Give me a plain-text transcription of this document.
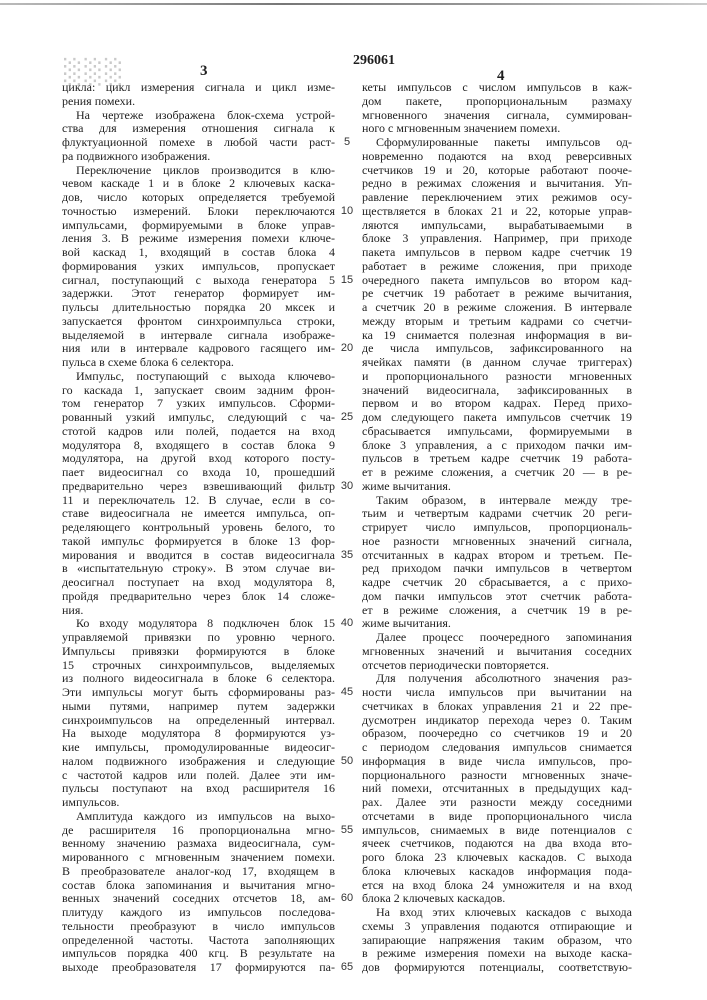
░░░	3
296061
4
цикла: цикл измерения сигнала и цикл изме-
рения помехи.
На чертеже изображена блок-схема устрой-
ства для измерения отношения сигнала к
флуктуационной помехе в любой части раст-
ра подвижного изображения.
Переключение циклов производится в клю-
чевом каскаде 1 и в блоке 2 ключевых каска-
дов, число которых определяется требуемой
точностью измерений. Блоки переключаются
импульсами, формируемыми в блоке управ-
ления 3. В режиме измерения помехи ключе-
вой каскад 1, входящий в состав блока 4
формирования узких импульсов, пропускает
сигнал, поступающий с выхода генератора 5
задержки. Этот генератор формирует им-
пульсы длительностью порядка 20 мксек и
запускается фронтом синхроимпульса строки,
выделяемой в интервале сигнала изображе-
ния или в интервале кадрового гасящего им-
пульса в схеме блока 6 селектора.
Импульс, поступающий с выхода ключево-
го каскада 1, запускает своим задним фрон-
том генератор 7 узких импульсов. Сформи-
рованный узкий импульс, следующий с ча-
стотой кадров или полей, подается на вход
модулятора 8, входящего в состав блока 9
модулятора, на другой вход которого посту-
пает видеосигнал со входа 10, прошедший
предварительно через взвешивающий фильтр
11 и переключатель 12. В случае, если в со-
ставе видеосигнала не имеется импульса, оп-
ределяющего контрольный уровень белого, то
такой импульс формируется в блоке 13 фор-
мирования и вводится в состав видеосигнала
в «испытательную строку». В этом случае ви-
деосигнал поступает на вход модулятора 8,
пройдя предварительно через блок 14 сложе-
ния.
Ко входу модулятора 8 подключен блок 15
управляемой привязки по уровню черного.
Импульсы привязки формируются в блоке
15 строчных синхроимпульсов, выделяемых
из полного видеосигнала в блоке 6 селектора.
Эти импульсы могут быть сформированы раз-
ными путями, например путем задержки
синхроимпульсов на определенный интервал.
На выходе модулятора 8 формируются уз-
кие импульсы, промодулированные видеосиг-
налом подвижного изображения и следующие
с частотой кадров или полей. Далее эти им-
пульсы поступают на вход расширителя 16
импульсов.
Амплитуда каждого из импульсов на выхо-
де расширителя 16 пропорциональна мгно-
венному значению размаха видеосигнала, сум-
мированного с мгновенным значением помехи.
В преобразователе аналог-код 17, входящем в
состав блока запоминания и вычитания мгно-
венных значений соседних отсчетов 18, ам-
плитуду каждого из импульсов последова-
тельности преобразуют в число импульсов
определенной частоты. Частота заполняющих
импульсов порядка 400 кгц. В результате на
выходе преобразователя 17 формируются па-
кеты импульсов с числом импульсов в каж-
дом пакете, пропорциональным размаху
мгновенного значения сигнала, суммирован-
ного с мгновенным значением помехи.
Сформулированные пакеты импульсов од-
новременно подаются на вход реверсивных
счетчиков 19 и 20, которые работают пооче-
редно в режимах сложения и вычитания. Уп-
равление переключением этих режимов осу-
ществляется в блоках 21 и 22, которые управ-
ляются импульсами, вырабатываемыми в
блоке 3 управления. Например, при приходе
пакета импульсов в первом кадре счетчик 19
работает в режиме сложения, при приходе
очередного пакета импульсов во втором кад-
ре счетчик 19 работает в режиме вычитания,
а счетчик 20 в режиме сложения. В интервале
между вторым и третьим кадрами со счетчи-
ка 19 снимается полезная информация в ви-
де числа импульсов, зафиксированного на
ячейках памяти (в данном случае триггерах)
и пропорционального разности мгновенных
значений видеосигнала, зафиксированных в
первом и во втором кадрах. Перед прихо-
дом следующего пакета импульсов счетчик 19
сбрасывается импульсами, формируемыми в
блоке 3 управления, а с приходом пачки им-
пульсов в третьем кадре счетчик 19 работа-
ет в режиме сложения, а счетчик 20 — в ре-
жиме вычитания.
Таким образом, в интервале между тре-
тьим и четвертым кадрами счетчик 20 реги-
стрирует число импульсов, пропорциональ-
ное разности мгновенных значений сигнала,
отсчитанных в кадрах втором и третьем. Пе-
ред приходом пачки импульсов в четвертом
кадре счетчик 20 сбрасывается, а с прихо-
дом пачки импульсов этот счетчик работа-
ет в режиме сложения, а счетчик 19 в ре-
жиме вычитания.
Далее процесс поочередного запоминания
мгновенных значений и вычитания соседних
отсчетов периодически повторяется.
Для получения абсолютного значения раз-
ности числа импульсов при вычитании на
счетчиках в блоках управления 21 и 22 пре-
дусмотрен индикатор перехода через 0. Таким
образом, поочередно со счетчиков 19 и 20
с периодом следования импульсов снимается
информация в виде числа импульсов, про-
порционального разности мгновенных значе-
ний помехи, отсчитанных в предыдущих кад-
рах. Далее эти разности между соседними
отсчетами в виде пропорционального числа
импульсов, снимаемых в виде потенциалов с
ячеек счетчиков, подаются на два входа вто-
рого блока 23 ключевых каскадов. С выхода
блока ключевых каскадов информация пода-
ется на вход блока 24 умножителя и на вход
блока 2 ключевых каскадов.
На вход этих ключевых каскадов с выхода
схемы 3 управления подаются отпирающие и
запирающие напряжения таким образом, что
в режиме измерения помехи на выходе каска-
дов формируются потенциалы, соответствую-
5
10
15
20
25
30
35
40
45
50
55
60
65
